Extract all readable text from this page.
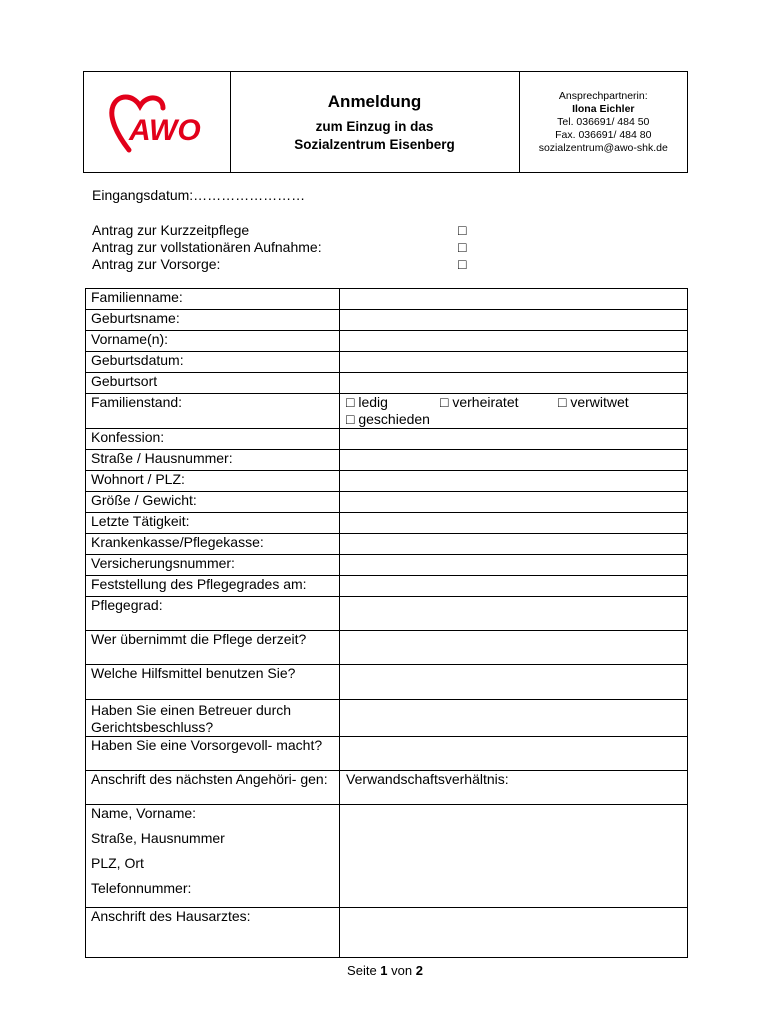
AWO
Anmeldung
zum Einzug in das
Sozialzentrum Eisenberg
Ansprechpartnerin:
Ilona Eichler
Tel. 036691/ 484 50
Fax. 036691/ 484 80
sozialzentrum@awo-shk.de
Eingangsdatum:……………………
Antrag zur Kurzzeitpflege	□
Antrag zur vollstationären Aufnahme:	□
Antrag zur Vorsorge:	□
Familienname:	
Geburtsname:	
Vorname(n):	
Geburtsdatum:	
Geburtsort	
Familienstand:	□ ledig □ verheiratet □ verwitwet
□ geschieden

Konfession:	
Straße / Hausnummer:	
Wohnort / PLZ:	
Größe / Gewicht:	
Letzte Tätigkeit:	
Krankenkasse/Pflegekasse:	
Versicherungsnummer:	
Feststellung des Pflegegrades am:	
Pflegegrad:	
Wer übernimmt die Pflege derzeit?	
Welche Hilfsmittel benutzen Sie?	
Haben Sie einen Betreuer durch Gerichtsbeschluss?	
Haben Sie eine Vorsorgevoll- macht?	
Anschrift des nächsten Angehöri- gen:	Verwandschaftsverhältnis:

Name, Vorname:
Straße, Hausnummer
PLZ, Ort
Telefonnummer:	

Anschrift des Hausarztes:	
Seite 1 von 2
